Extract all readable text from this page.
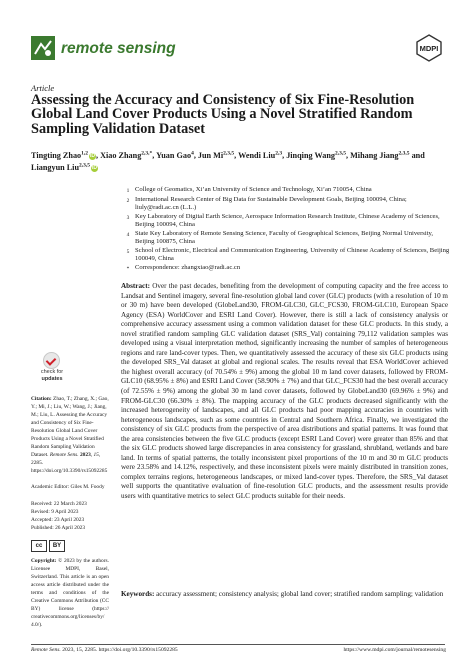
remote sensing	MDPI
Article
Assessing the Accuracy and Consistency of Six Fine-Resolution Global Land Cover Products Using a Novel Stratified Random Sampling Validation Dataset
Tingting Zhao$^{1,2}$ iD, Xiao Zhang$^{2,3,*}$, Yuan Gao$^4$, Jun Mi$^{2,3,5}$, Wendi Liu$^{2,3}$, Jinqing Wang$^{2,3,5}$, Mihang Jiang$^{2,3,5}$ and Liangyun Liu$^{2,3,5}$ iD
1 College of Geomatics, Xi’an University of Science and Technology, Xi’an 710054, China
2 International Research Center of Big Data for Sustainable Development Goals, Beijing 100094, China; liuly@radi.ac.cn (L.L.)
3 Key Laboratory of Digital Earth Science, Aerospace Information Research Institute, Chinese Academy of Sciences, Beijing 100094, China
4 State Key Laboratory of Remote Sensing Science, Faculty of Geographical Sciences, Beijing Normal University, Beijing 100875, China
5 School of Electronic, Electrical and Communication Engineering, University of Chinese Academy of Sciences, Beijing 100049, China
* Correspondence: zhangxiao@radi.ac.cn
check for
updates
Citation: Zhao, T.; Zhang, X.; Gao, Y.; Mi, J.; Liu, W.; Wang, J.; Jiang, M.; Liu, L. Assessing the Accuracy and Consistency of Six Fine-Resolution Global Land Cover Products Using a Novel Stratified Random Sampling Validation Dataset. Remote Sens. 2023, 15, 2285. https://doi.org/10.3390/rs15092285
Academic Editor: Giles M. Foody
Received: 22 March 2023
Revised: 9 April 2023
Accepted: 23 April 2023
Published: 26 April 2023
cc	BY
Copyright: © 2023 by the authors. Licensee MDPI, Basel, Switzerland. This article is an open access article distributed under the terms and conditions of the Creative Commons Attribution (CC BY) license (https:// creativecommons.org/licenses/by/ 4.0/).
Abstract: Over the past decades, benefiting from the development of computing capacity and the free access to Landsat and Sentinel imagery, several fine-resolution global land cover (GLC) products (with a resolution of 10 m or 30 m) have been developed (GlobeLand30, FROM-GLC30, GLC_FCS30, FROM-GLC10, European Space Agency (ESA) WorldCover and ESRI Land Cover). However, there is still a lack of consistency analysis or comprehensive accuracy assessment using a common validation dataset for these GLC products. In this study, a novel stratified random sampling GLC validation dataset (SRS_Val) containing 79,112 validation samples was developed using a visual interpretation method, significantly increasing the number of samples of heterogeneous regions and rare land-cover types. Then, we quantitatively assessed the accuracy of these six GLC products using the developed SRS_Val dataset at global and regional scales. The results reveal that ESA WorldCover achieved the highest overall accuracy (of 70.54% ± 9%) among the global 10 m land cover datasets, followed by FROM-GLC10 (68.95% ± 8%) and ESRI Land Cover (58.90% ± 7%) and that GLC_FCS30 had the best overall accuracy (of 72.55% ± 9%) among the global 30 m land cover datasets, followed by GlobeLand30 (69.96% ± 9%) and FROM-GLC30 (66.30% ± 8%). The mapping accuracy of the GLC products decreased significantly with the increased heterogeneity of landscapes, and all GLC products had poor mapping accuracies in countries with heterogeneous landscapes, such as some countries in Central and Southern Africa. Finally, we investigated the consistency of six GLC products from the perspective of area distributions and spatial patterns. It was found that the area consistencies between the five GLC products (except ESRI Land Cover) were greater than 85% and that the six GLC products showed large discrepancies in area consistency for grassland, shrubland, wetlands and bare land. In terms of spatial patterns, the totally inconsistent pixel proportions of the 10 m and 30 m GLC products were 23.58% and 14.12%, respectively, and these inconsistent pixels were mainly distributed in transition zones, complex terrains regions, heterogeneous landscapes, or mixed land-cover types. Therefore, the SRS_Val dataset well supports the quantitative evaluation of fine-resolution GLC products, and the assessment results provide users with quantitative metrics to select GLC products suitable for their needs.
Keywords: accuracy assessment; consistency analysis; global land cover; stratified random sampling; validation
Remote Sens. 2023, 15, 2285. https://doi.org/10.3390/rs15092285	https://www.mdpi.com/journal/remotesensing
